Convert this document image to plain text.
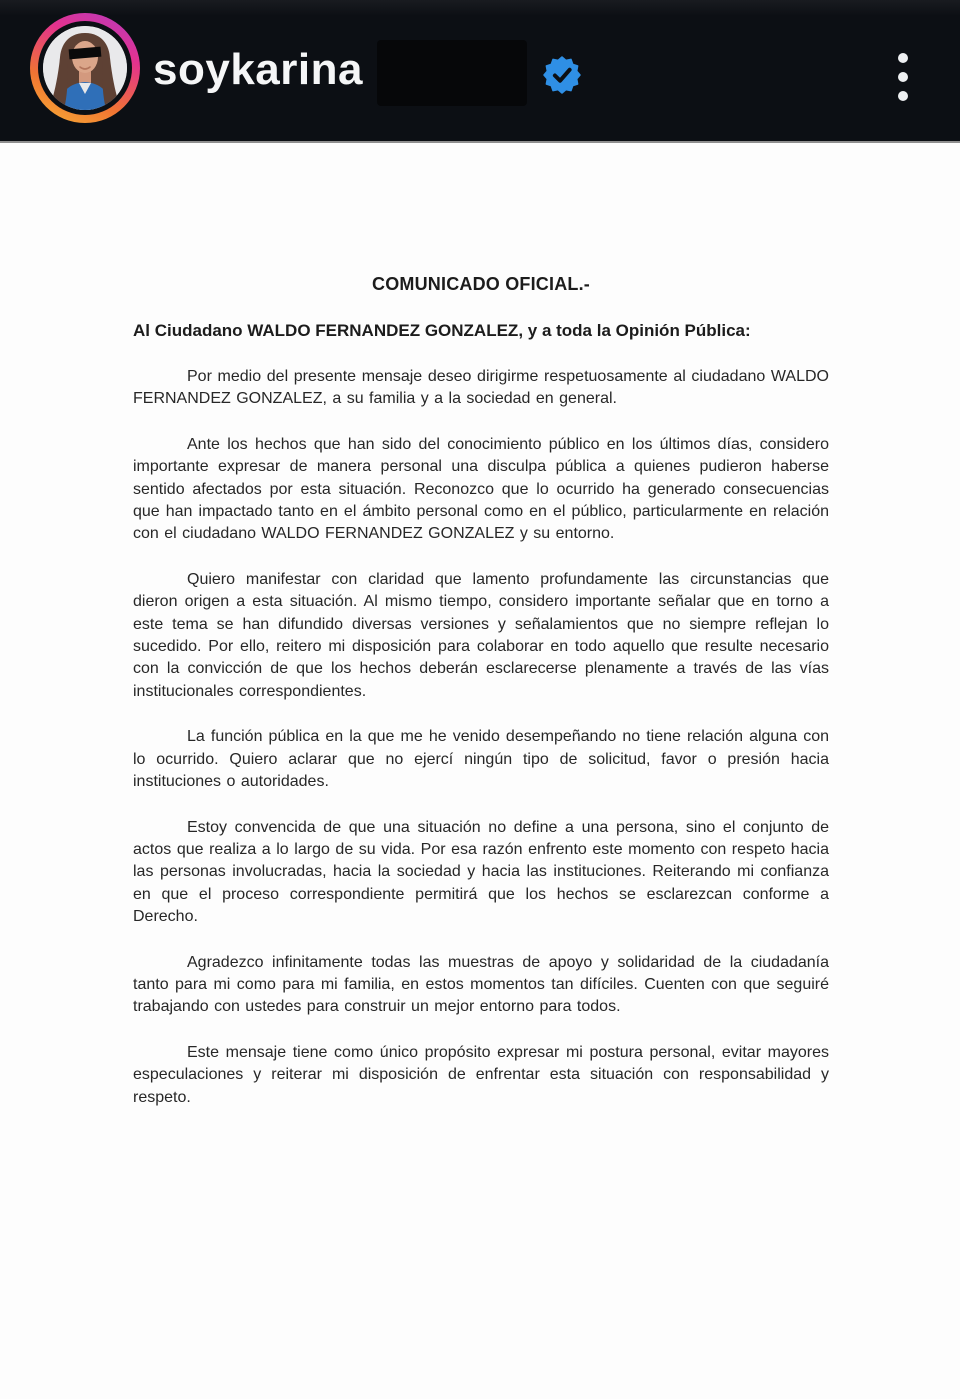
soykarina
COMUNICADO OFICIAL.-
Al Ciudadano WALDO FERNANDEZ GONZALEZ, y a toda la Opinión Pública:

Por medio del presente mensaje deseo dirigirme respetuosamente al ciudadano WALDO FERNANDEZ GONZALEZ, a su familia y a la sociedad en general.

Ante los hechos que han sido del conocimiento público en los últimos días, considero importante expresar de manera personal una disculpa pública a quienes pudieron haberse sentido afectados por esta situación. Reconozco que lo ocurrido ha generado consecuencias que han impactado tanto en el ámbito personal como en el público, particularmente en relación con el ciudadano WALDO FERNANDEZ GONZALEZ y su entorno.

Quiero manifestar con claridad que lamento profundamente las circunstancias que dieron origen a esta situación. Al mismo tiempo, considero importante señalar que en torno a este tema se han difundido diversas versiones y señalamientos que no siempre reflejan lo sucedido. Por ello, reitero mi disposición para colaborar en todo aquello que resulte necesario con la convicción de que los hechos deberán esclarecerse plenamente a través de las vías institucionales correspondientes.

La función pública en la que me he venido desempeñando no tiene relación alguna con lo ocurrido. Quiero aclarar que no ejercí ningún tipo de solicitud, favor o presión hacia instituciones o autoridades.

Estoy convencida de que una situación no define a una persona, sino el conjunto de actos que realiza a lo largo de su vida. Por esa razón enfrento este momento con respeto hacia las personas involucradas, hacia la sociedad y hacia las instituciones. Reiterando mi confianza en que el proceso correspondiente permitirá que los hechos se esclarezcan conforme a Derecho.

Agradezco infinitamente todas las muestras de apoyo y solidaridad de la ciudadanía tanto para mi como para mi familia, en estos momentos tan difíciles. Cuenten con que seguiré trabajando con ustedes para construir un mejor entorno para todos.

Este mensaje tiene como único propósito expresar mi postura personal, evitar mayores especulaciones y reiterar mi disposición de enfrentar esta situación con responsabilidad y respeto.
